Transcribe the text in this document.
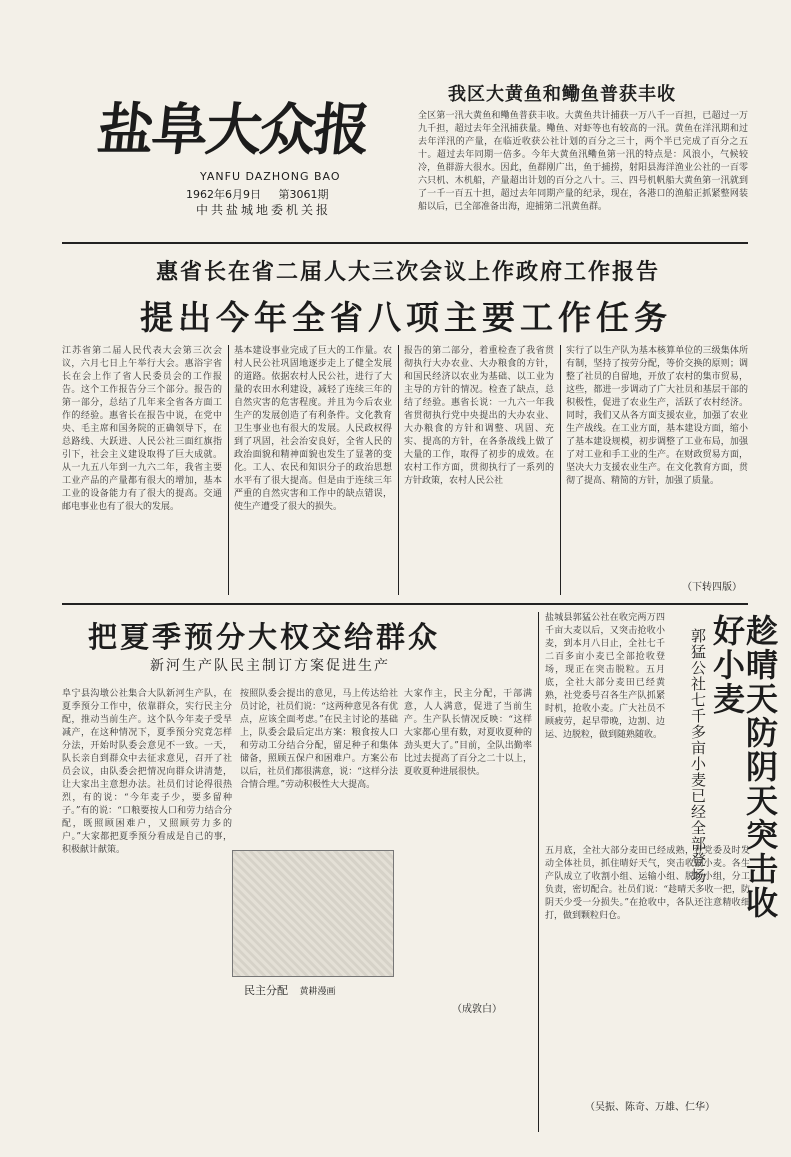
盐阜大众报
YANFU DAZHONG BAO
1962年6月9日 第3061期
中共盐城地委机关报
我区大黄鱼和鳓鱼普获丰收
全区第一汛大黄鱼和鳓鱼普获丰收。大黄鱼共计捕获一万八千一百担，已超过一万九千担，超过去年全汛捕获量。鳓鱼、对虾等也有较高的一汛。黄鱼在洋汛期和过去年洋汛的产量，在临近收获公社计划的百分之三十，两个半已完成了百分之五十。超过去年同期一倍多。今年大黄鱼汛鳓鱼第一汛的特点是：风浪小，气候较冷，鱼群游大很水。因此，鱼群刚广出，鱼于捕捞，射阳县海洋渔业公社的一百零六只机、木机船，产量超出计划的百分之八十。三、四号机帆船大黄鱼第一汛就到了一千一百五十担，超过去年同期产量的纪录，现在，各港口的渔船正抓紧整网装船以后，已全部准备出海，迎捕第二汛黄鱼群。
惠省长在省二届人大三次会议上作政府工作报告
提出今年全省八项主要工作任务
江苏省第二届人民代表大会第三次会议，六月七日上午举行大会。惠浴宇省长在会上作了省人民委员会的工作报告。这个工作报告分三个部分。报告的第一部分，总结了几年来全省各方面工作的经验。惠省长在报告中说，在党中央、毛主席和国务院的正确领导下，在总路线、大跃进、人民公社三面红旗指引下，社会主义建设取得了巨大成就。从一九五八年到一九六二年，我省主要工业产品的产量都有很大的增加，基本工业的设备能力有了很大的提高。交通邮电事业也有了很大的发展。
基本建设事业完成了巨大的工作量。农村人民公社巩固地逐步走上了健全发展的道路。依据农村人民公社，进行了大量的农田水利建设，减轻了连续三年的自然灾害的危害程度。并且为今后农业生产的发展创造了有利条件。文化教育卫生事业也有很大的发展。人民政权得到了巩固，社会治安良好，全省人民的政治面貌和精神面貌也发生了显著的变化。工人、农民和知识分子的政治思想水平有了很大提高。但是由于连续三年严重的自然灾害和工作中的缺点错误，使生产遭受了很大的损失。
报告的第二部分，着重检查了我省贯彻执行大办农业、大办粮食的方针，和国民经济以农业为基础、以工业为主导的方针的情况。检查了缺点，总结了经验。惠省长说：一九六一年我省贯彻执行党中央提出的大办农业、大办粮食的方针和调整、巩固、充实、提高的方针，在各条战线上做了大量的工作，取得了初步的成效。在农村工作方面，贯彻执行了一系列的方针政策，农村人民公社
实行了以生产队为基本核算单位的三级集体所有制，坚持了按劳分配，等价交换的原则；调整了社员的自留地，开放了农村的集市贸易，这些，都进一步调动了广大社员和基层干部的积极性，促进了农业生产，活跃了农村经济。同时，我们又从各方面支援农业，加强了农业生产战线。在工业方面，基本建设方面，缩小了基本建设规模，初步调整了工业布局，加强了对工业和手工业的生产。在财政贸易方面，坚决大力支援农业生产。在文化教育方面，贯彻了提高、精简的方针，加强了质量。
（下转四版）
把夏季预分大权交给群众
新河生产队民主制订方案促进生产
阜宁县沟墩公社集合大队新河生产队，在夏季预分工作中，依靠群众，实行民主分配，推动当前生产。这个队今年麦子受旱减产，在这种情况下，夏季预分究竟怎样分法，开始时队委会意见不一致。一天，队长亲自到群众中去征求意见，召开了社员会议，由队委会把情况向群众讲清楚，让大家出主意想办法。社员们讨论得很热烈，有的说：“今年麦子少，要多留种子。”有的说：“口粮要按人口和劳力结合分配，既照顾困难户，又照顾劳力多的户。”大家都把夏季预分看成是自己的事，积极献计献策。
按照队委会提出的意见，马上传达给社员讨论，社员们说：“这两种意见各有优点，应该全面考虑。”在民主讨论的基础上，队委会最后定出方案：粮食按人口和劳动工分结合分配，留足种子和集体储备，照顾五保户和困难户。方案公布以后，社员们都很满意，说：“这样分法合情合理。”劳动积极性大大提高。
大家作主，民主分配，干部满意，人人满意，促进了当前生产。生产队长情况反映：“这样大家都心里有数，对夏收夏种的劲头更大了。”目前，全队出勤率比过去提高了百分之二十以上，夏收夏种进展很快。
（成敦白）
民主分配 黄耕漫画
盐城县郭猛公社在收完两万四千亩大麦以后，又突击抢收小麦，到本月八日止，全社七千二百多亩小麦已全部抢收登场，现正在突击脱粒。五月底，全社大部分麦田已经黄熟，社党委号召各生产队抓紧时机，抢收小麦。广大社员不顾疲劳，起早带晚，边割、边运、边脱粒，做到随熟随收。	趁晴天防阴天突击收好小麦
郭猛公社七千多亩小麦已经全部登场
五月底，全社大部分麦田已经成熟，社党委及时发动全体社员，抓住晴好天气，突击收割小麦。各生产队成立了收割小组、运输小组、脱粒小组，分工负责，密切配合。社员们说：“趁晴天多收一把，防阴天少受一分损失。”在抢收中，各队还注意精收细打，做到颗粒归仓。
（吴振、陈奇、万雄、仁华）
